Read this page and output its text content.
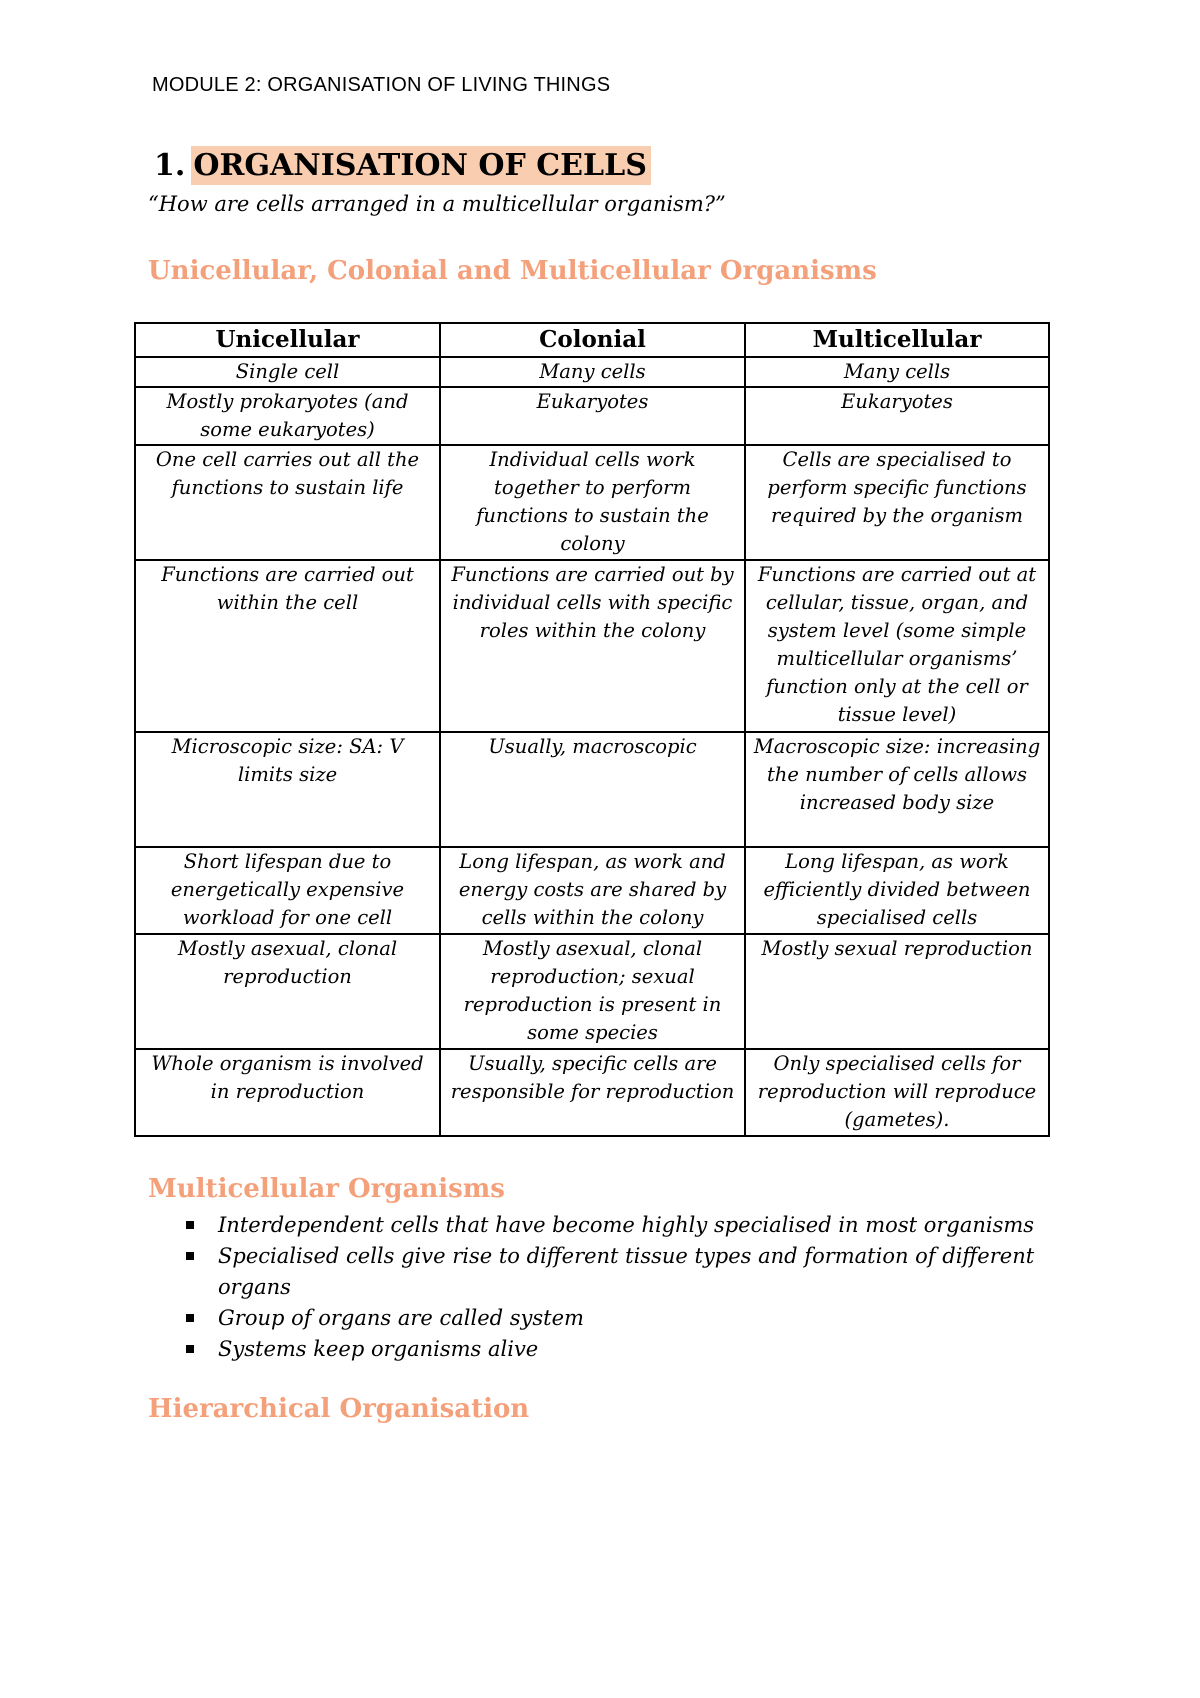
MODULE 2: ORGANISATION OF LIVING THINGS
1. ORGANISATION OF CELLS
“How are cells arranged in a multicellular organism?”
Unicellular, Colonial and Multicellular Organisms
Unicellular	Colonial	Multicellular
Single cell	Many cells	Many cells
Mostly prokaryotes (and some eukaryotes)	Eukaryotes	Eukaryotes
One cell carries out all the functions to sustain life	Individual cells work together to perform functions to sustain the colony	Cells are specialised to perform specific functions required by the organism
Functions are carried out within the cell	Functions are carried out by individual cells with specific roles within the colony	Functions are carried out at cellular, tissue, organ, and system level (some simple multicellular organisms’ function only at the cell or tissue level)
Microscopic size: SA: V limits size	Usually, macroscopic	Macroscopic size: increasing the number of cells allows increased body size
Short lifespan due to energetically expensive workload for one cell	Long lifespan, as work and energy costs are shared by cells within the colony	Long lifespan, as work efficiently divided between specialised cells
Mostly asexual, clonal reproduction	Mostly asexual, clonal reproduction; sexual reproduction is present in some species	Mostly sexual reproduction
Whole organism is involved in reproduction	Usually, specific cells are responsible for reproduction	Only specialised cells for reproduction will reproduce (gametes).
Multicellular Organisms
Interdependent cells that have become highly specialised in most organisms
Specialised cells give rise to different tissue types and formation of different organs
Group of organs are called system
Systems keep organisms alive
Hierarchical Organisation
